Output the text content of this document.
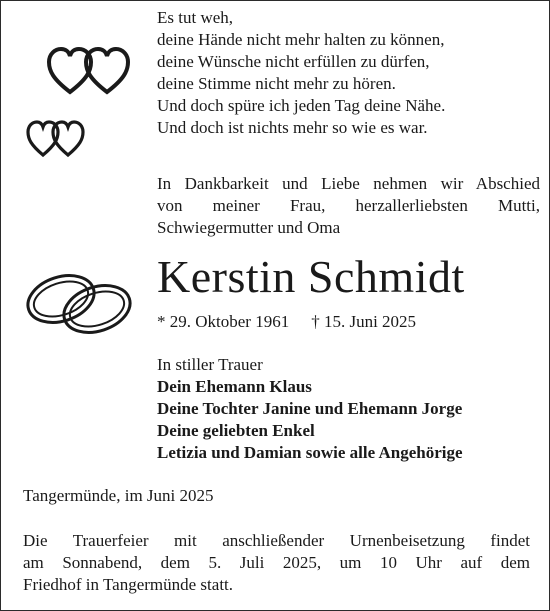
Es tut weh,
deine Hände nicht mehr halten zu können,
deine Wünsche nicht erfüllen zu dürfen,
deine Stimme nicht mehr zu hören.
Und doch spüre ich jeden Tag deine Nähe.
Und doch ist nichts mehr so wie es war.
In Dankbarkeit und Liebe nehmen wir Abschied
von meiner Frau, herzallerliebsten Mutti,
Schwiegermutter und Oma
Kerstin Schmidt
* 29. Oktober 1961 † 15. Juni 2025
In stiller Trauer
Dein Ehemann Klaus
Deine Tochter Janine und Ehemann Jorge
Deine geliebten Enkel
Letizia und Damian sowie alle Angehörige
Tangermünde, im Juni 2025
Die Trauerfeier mit anschließender Urnenbeisetzung findet
am Sonnabend, dem 5. Juli 2025, um 10 Uhr auf dem
Friedhof in Tangermünde statt.
